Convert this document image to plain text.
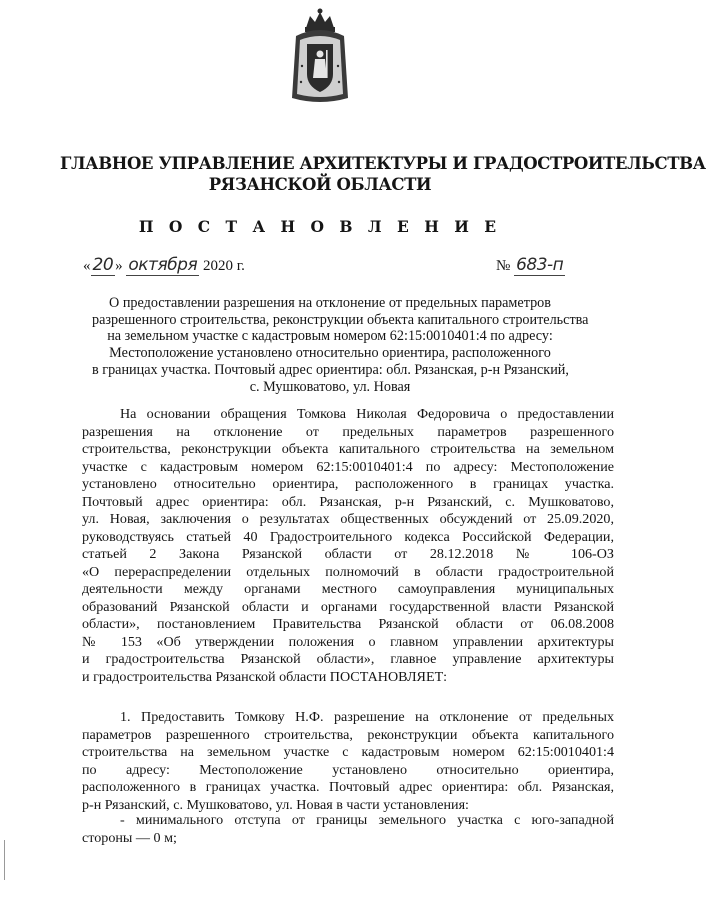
ГЛАВНОЕ УПРАВЛЕНИЕ АРХИТЕКТУРЫ И ГРАДОСТРОИТЕЛЬСТВА
РЯЗАНСКОЙ ОБЛАСТИ
П О С Т А Н О В Л Е Н И Е
« 20 » октября 2020 г.	№ 683-п
О предоставлении разрешения на отклонение от предельных параметров
разрешенного строительства, реконструкции объекта капитального строительства
на земельном участке с кадастровым номером 62:15:0010401:4 по адресу:
Местоположение установлено относительно ориентира, расположенного
в границах участка. Почтовый адрес ориентира: обл. Рязанская, р-н Рязанский,
с. Мушковатово, ул. Новая
На основании обращения Томкова Николая Федоровича о предоставлении
разрешения на отклонение от предельных параметров разрешенного
строительства, реконструкции объекта капитального строительства на земельном
участке с кадастровым номером 62:15:0010401:4 по адресу: Местоположение
установлено относительно ориентира, расположенного в границах участка.
Почтовый адрес ориентира: обл. Рязанская, р-н Рязанский, с. Мушковатово,
ул. Новая, заключения о результатах общественных обсуждений от 25.09.2020,
руководствуясь статьей 40 Градостроительного кодекса Российской Федерации,
статьей 2 Закона Рязанской области от 28.12.2018 № 106-ОЗ
«О перераспределении отдельных полномочий в области градостроительной
деятельности между органами местного самоуправления муниципальных
образований Рязанской области и органами государственной власти Рязанской
области», постановлением Правительства Рязанской области от 06.08.2008
№ 153 «Об утверждении положения о главном управлении архитектуры
и градостроительства Рязанской области», главное управление архитектуры
и градостроительства Рязанской области ПОСТАНОВЛЯЕТ:
1. Предоставить Томкову Н.Ф. разрешение на отклонение от предельных
параметров разрешенного строительства, реконструкции объекта капитального
строительства на земельном участке с кадастровым номером 62:15:0010401:4
по адресу: Местоположение установлено относительно ориентира,
расположенного в границах участка. Почтовый адрес ориентира: обл. Рязанская,
р-н Рязанский, с. Мушковатово, ул. Новая в части установления:
- минимального отступа от границы земельного участка с юго-западной
стороны — 0 м;
